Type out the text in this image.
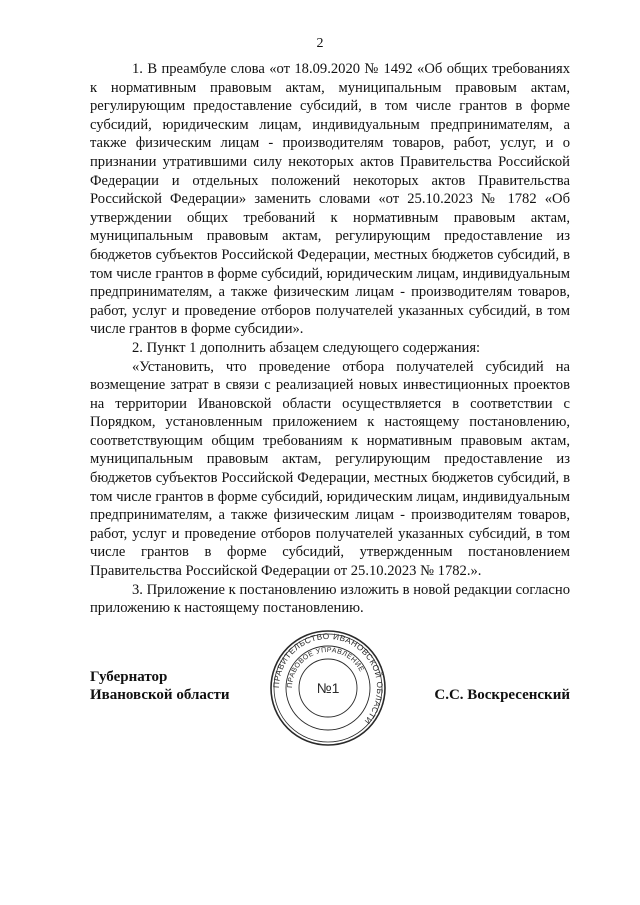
2

1. В преамбуле слова «от 18.09.2020 № 1492 «Об общих требованиях к нормативным правовым актам, муниципальным правовым актам, регулирующим предоставление субсидий, в том числе грантов в форме субсидий, юридическим лицам, индивидуальным предпринимателям, а также физическим лицам - производителям товаров, работ, услуг, и о признании утратившими силу некоторых актов Правительства Российской Федерации и отдельных положений некоторых актов Правительства Российской Федерации» заменить словами «от 25.10.2023 № 1782 «Об утверждении общих требований к нормативным правовым актам, муниципальным правовым актам, регулирующим предоставление из бюджетов субъектов Российской Федерации, местных бюджетов субсидий, в том числе грантов в форме субсидий, юридическим лицам, индивидуальным предпринимателям, а также физическим лицам - производителям товаров, работ, услуг и проведение отборов получателей указанных субсидий, в том числе грантов в форме субсидии».

2. Пункт 1 дополнить абзацем следующего содержания:

«Установить, что проведение отбора получателей субсидий на возмещение затрат в связи с реализацией новых инвестиционных проектов на территории Ивановской области осуществляется в соответствии с Порядком, установленным приложением к настоящему постановлению, соответствующим общим требованиям к нормативным правовым актам, муниципальным правовым актам, регулирующим предоставление из бюджетов субъектов Российской Федерации, местных бюджетов субсидий, в том числе грантов в форме субсидий, юридическим лицам, индивидуальным предпринимателям, а также физическим лицам - производителям товаров, работ, услуг и проведение отборов получателей указанных субсидий, в том числе грантов в форме субсидий, утвержденным постановлением Правительства Российской Федерации от 25.10.2023 № 1782.».

3. Приложение к постановлению изложить в новой редакции согласно приложению к настоящему постановлению.

Губернатор
Ивановской области	С.С. Воскресенский
ПРАВИТЕЛЬСТВО ИВАНОВСКОЙ ОБЛАСТИ
ПРАВОВОЕ УПРАВЛЕНИЕ
№1
